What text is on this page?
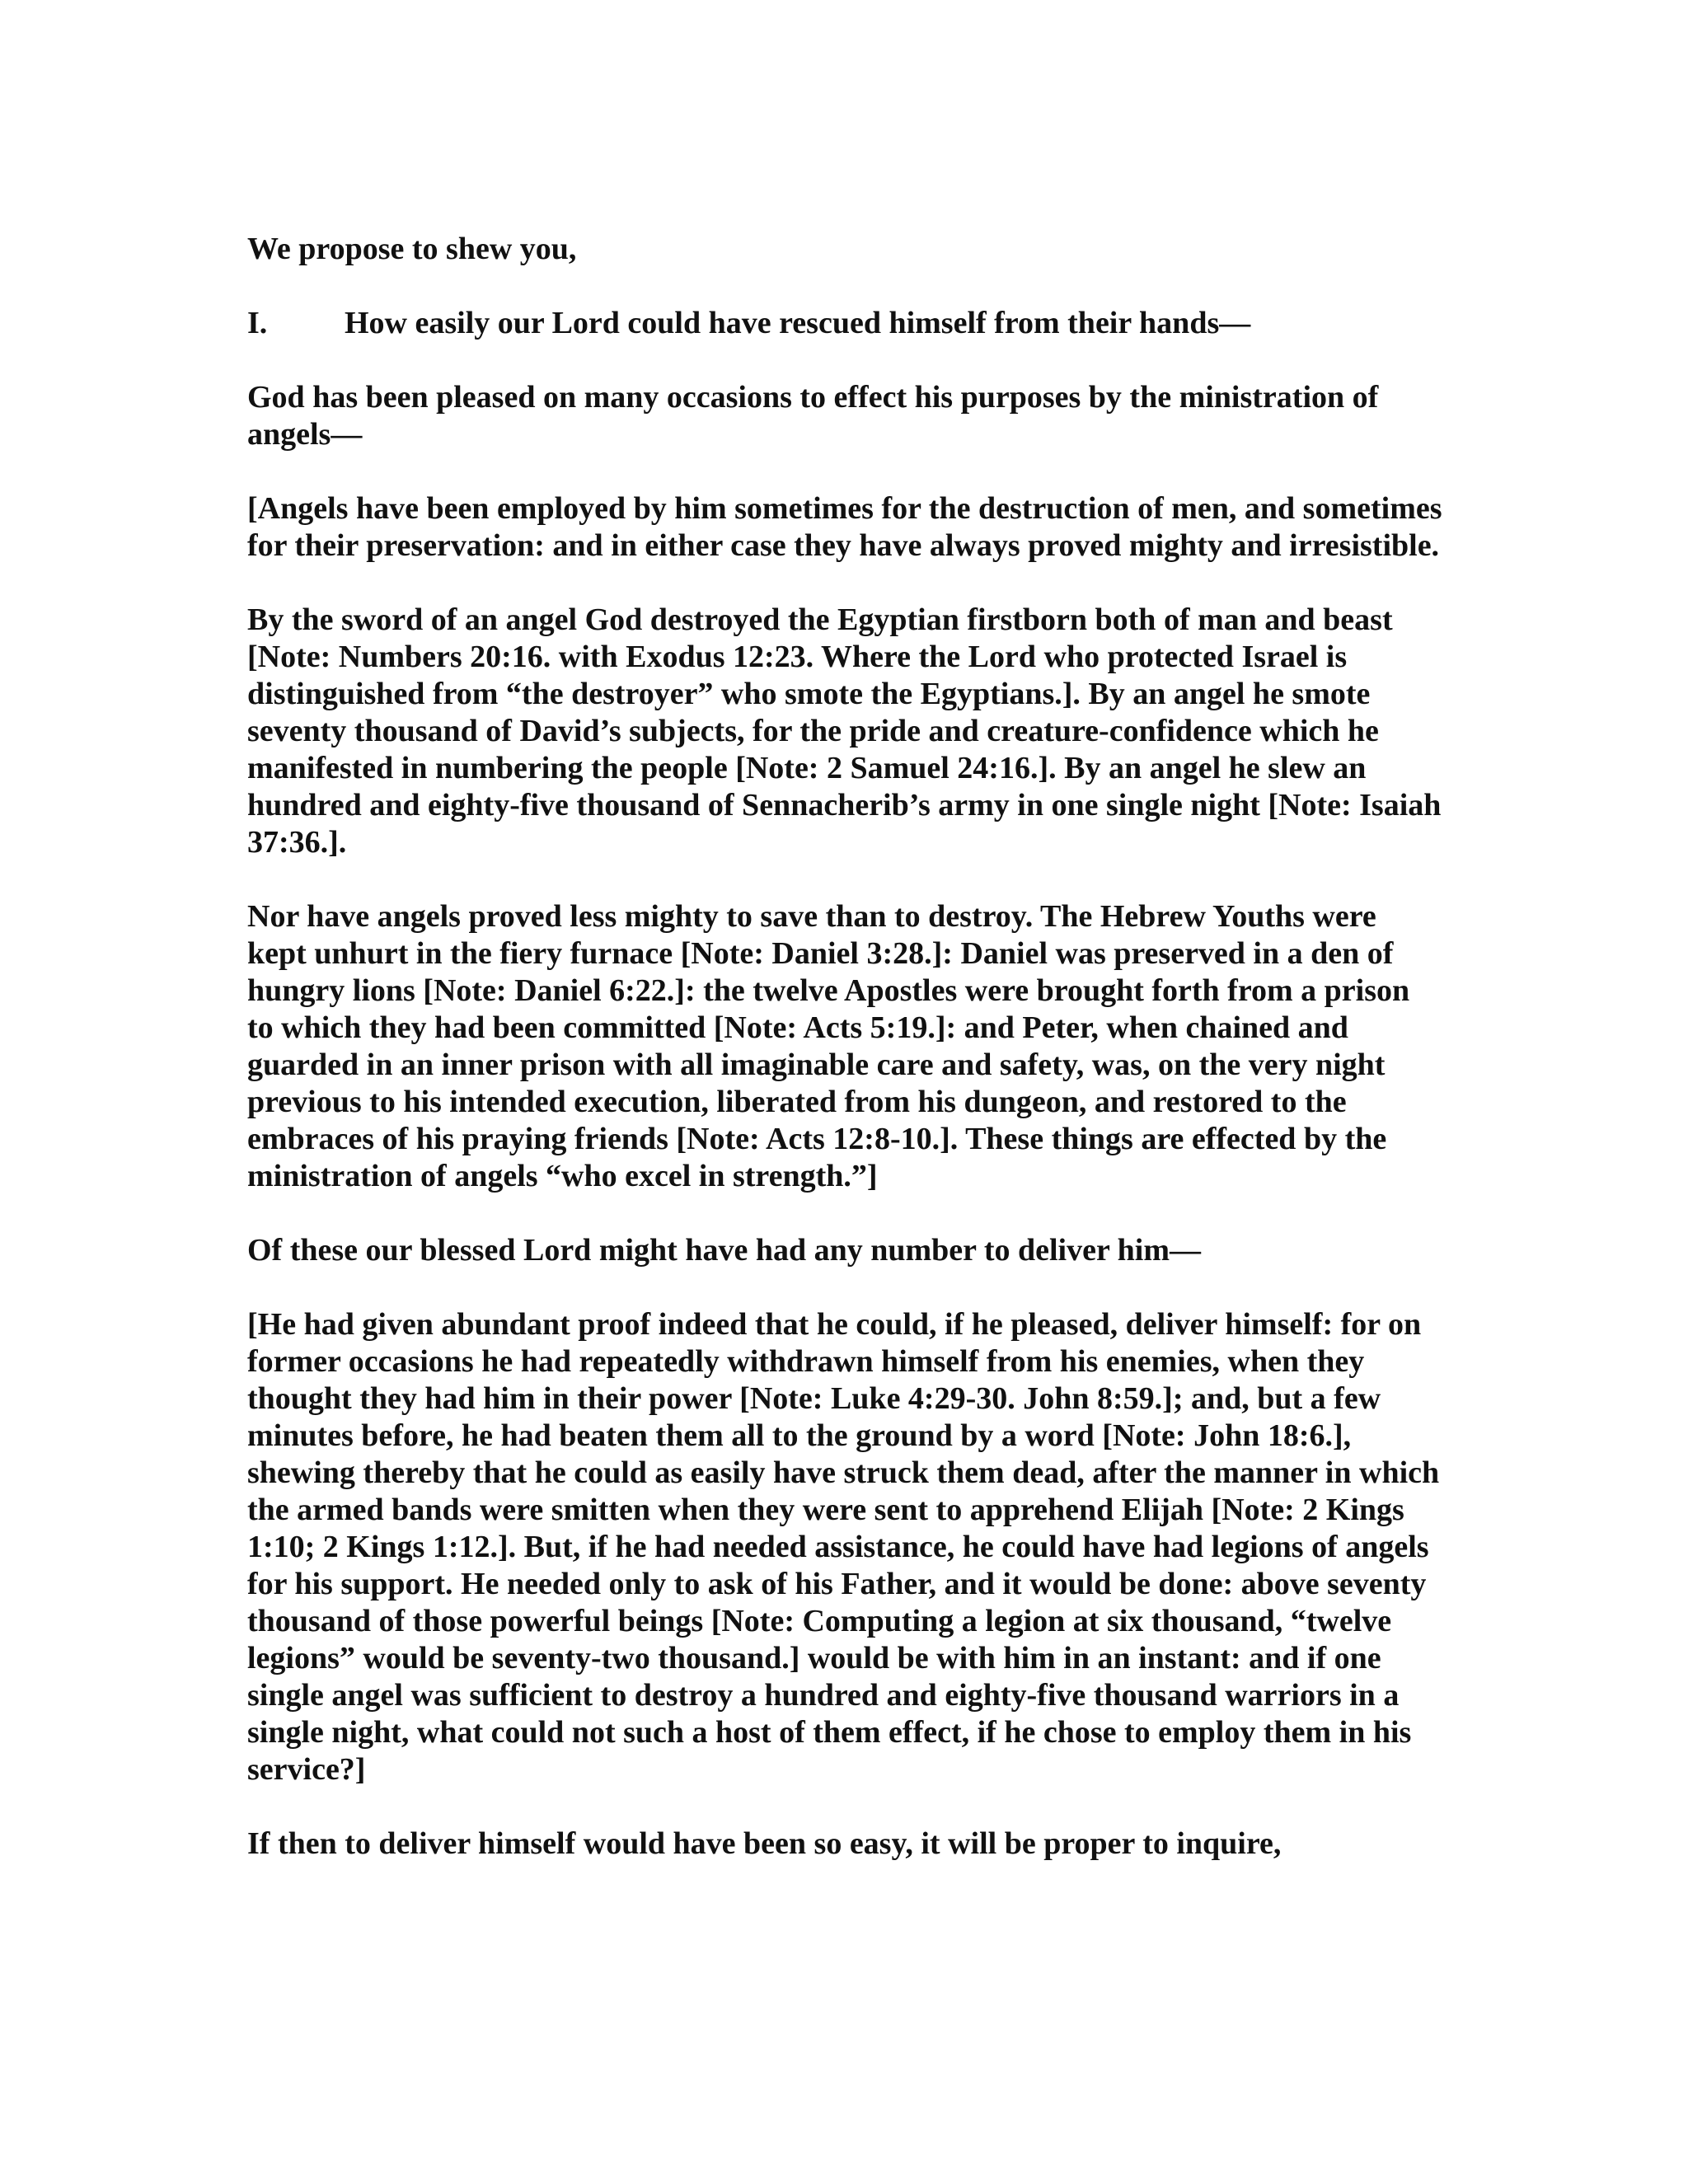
We propose to shew you,

I.	How easily our Lord could have rescued himself from their hands—

God has been pleased on many occasions to effect his purposes by the ministration of angels—

[Angels have been employed by him sometimes for the destruction of men, and sometimes for their preservation: and in either case they have always proved mighty and irresistible.

By the sword of an angel God destroyed the Egyptian firstborn both of man and beast [Note: Numbers 20:16. with Exodus 12:23. Where the Lord who protected Israel is distinguished from “the destroyer” who smote the Egyptians.]. By an angel he smote seventy thousand of David’s subjects, for the pride and creature-confidence which he manifested in numbering the people [Note: 2 Samuel 24:16.]. By an angel he slew an hundred and eighty-five thousand of Sennacherib’s army in one single night [Note: Isaiah 37:36.].

Nor have angels proved less mighty to save than to destroy. The Hebrew Youths were kept unhurt in the fiery furnace [Note: Daniel 3:28.]: Daniel was preserved in a den of hungry lions [Note: Daniel 6:22.]: the twelve Apostles were brought forth from a prison to which they had been committed [Note: Acts 5:19.]: and Peter, when chained and guarded in an inner prison with all imaginable care and safety, was, on the very night previous to his intended execution, liberated from his dungeon, and restored to the embraces of his praying friends [Note: Acts 12:8-10.]. These things are effected by the ministration of angels “who excel in strength.”]

Of these our blessed Lord might have had any number to deliver him—

[He had given abundant proof indeed that he could, if he pleased, deliver himself: for on former occasions he had repeatedly withdrawn himself from his enemies, when they thought they had him in their power [Note: Luke 4:29-30. John 8:59.]; and, but a few minutes before, he had beaten them all to the ground by a word [Note: John 18:6.], shewing thereby that he could as easily have struck them dead, after the manner in which the armed bands were smitten when they were sent to apprehend Elijah [Note: 2 Kings 1:10; 2 Kings 1:12.]. But, if he had needed assistance, he could have had legions of angels for his support. He needed only to ask of his Father, and it would be done: above seventy thousand of those powerful beings [Note: Computing a legion at six thousand, “twelve legions” would be seventy-two thousand.] would be with him in an instant: and if one single angel was sufficient to destroy a hundred and eighty-five thousand warriors in a single night, what could not such a host of them effect, if he chose to employ them in his service?]

If then to deliver himself would have been so easy, it will be proper to inquire,
